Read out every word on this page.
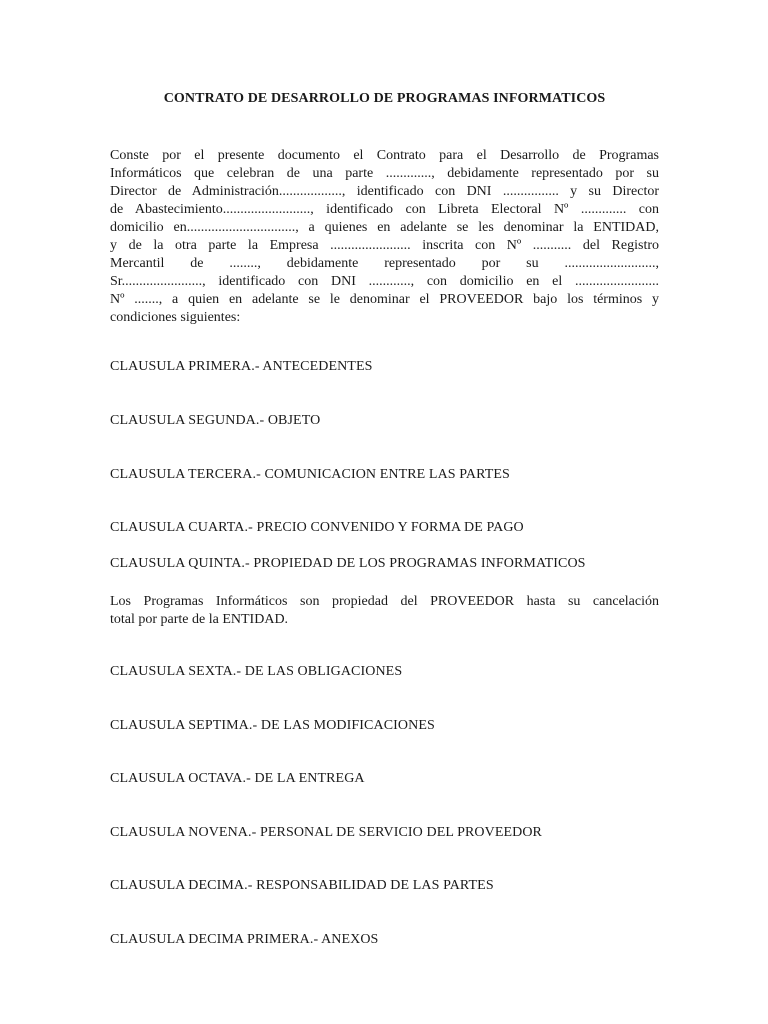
CONTRATO DE DESARROLLO DE PROGRAMAS INFORMATICOS
Conste por el presente documento el Contrato para el Desarrollo de Programas
Informáticos que celebran de una parte ............., debidamente representado por su
Director de Administración.................., identificado con DNI ................ y su Director
de Abastecimiento........................., identificado con Libreta Electoral Nº ............. con
domicilio en..............................., a quienes en adelante se les denominar la ENTIDAD,
y de la otra parte la Empresa ....................... inscrita con Nº ........... del Registro
Mercantil de ........, debidamente representado por su ..........................,
Sr......................., identificado con DNI ............, con domicilio en el ........................
Nº ......., a quien en adelante se le denominar el PROVEEDOR bajo los términos y
condiciones siguientes:
CLAUSULA PRIMERA.- ANTECEDENTES
CLAUSULA SEGUNDA.- OBJETO
CLAUSULA TERCERA.- COMUNICACION ENTRE LAS PARTES
CLAUSULA CUARTA.- PRECIO CONVENIDO Y FORMA DE PAGO
CLAUSULA QUINTA.- PROPIEDAD DE LOS PROGRAMAS INFORMATICOS
Los Programas Informáticos son propiedad del PROVEEDOR hasta su cancelación
total por parte de la ENTIDAD.
CLAUSULA SEXTA.- DE LAS OBLIGACIONES
CLAUSULA SEPTIMA.- DE LAS MODIFICACIONES
CLAUSULA OCTAVA.- DE LA ENTREGA
CLAUSULA NOVENA.- PERSONAL DE SERVICIO DEL PROVEEDOR
CLAUSULA DECIMA.- RESPONSABILIDAD DE LAS PARTES
CLAUSULA DECIMA PRIMERA.- ANEXOS
